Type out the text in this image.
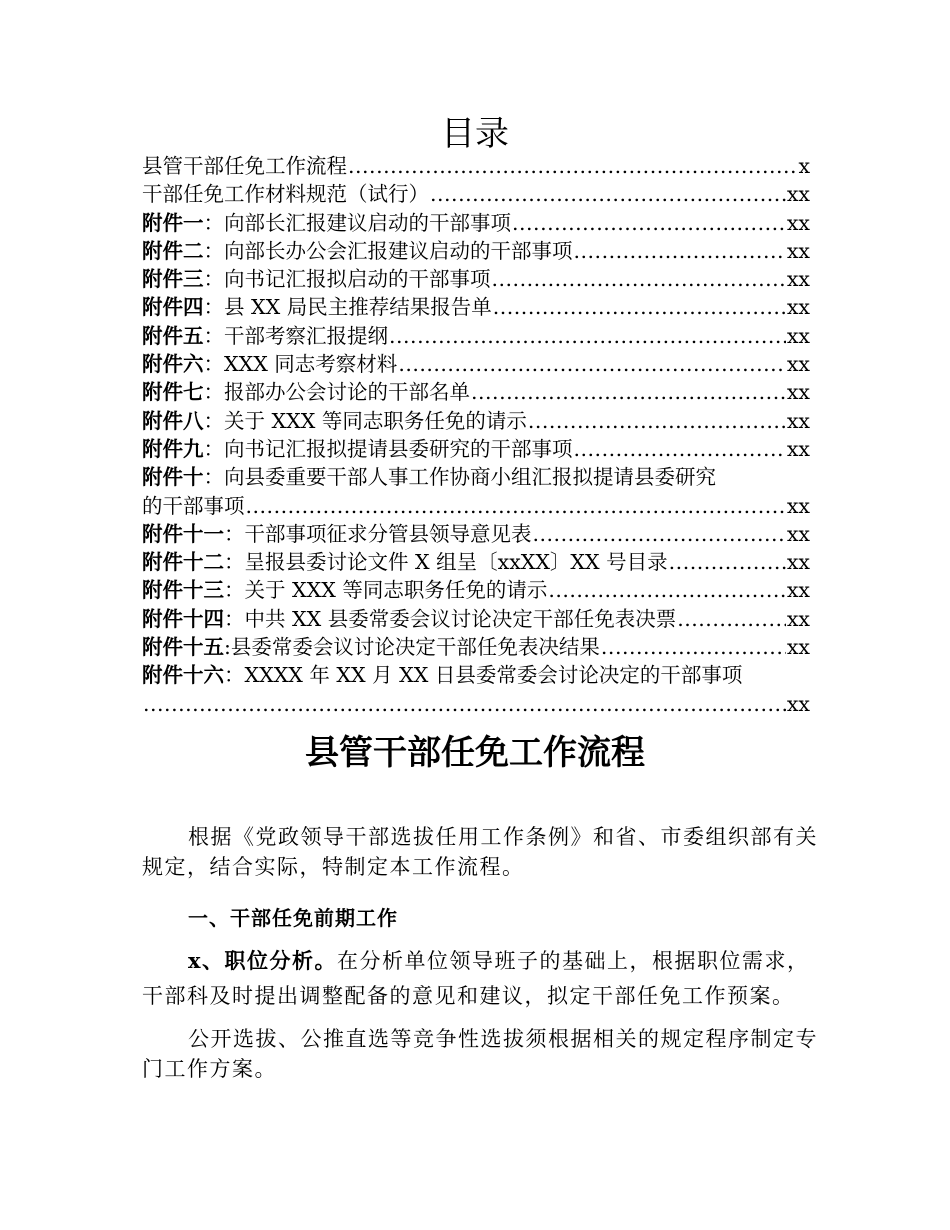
目录
县管干部任免工作流程 .....	x
干部任免工作材料规范（试行） .....	xx
附件一：向部长汇报建议启动的干部事项 .....	xx
附件二：向部长办公会汇报建议启动的干部事项 .....	xx
附件三：向书记汇报拟启动的干部事项 .....	xx
附件四：县 XX 局民主推荐结果报告单 .....	xx
附件五：干部考察汇报提纲 .....	xx
附件六：XXX 同志考察材料 .....	xx
附件七：报部办公会讨论的干部名单 .....	xx
附件八：关于 XXX 等同志职务任免的请示 .....	xx
附件九：向书记汇报拟提请县委研究的干部事项 .....	xx
附件十：向县委重要干部人事工作协商小组汇报拟提请县委研究
的干部事项 .....	xx
附件十一：干部事项征求分管县领导意见表 .....	xx
附件十二：呈报县委讨论文件 X 组呈〔xxXX〕XX 号目录 .....	xx
附件十三：关于 XXX 等同志职务任免的请示 .....	xx
附件十四：中共 XX 县委常委会议讨论决定干部任免表决票 .....	xx
附件十五:县委常委会议讨论决定干部任免表决结果 .....	xx
附件十六：XXXX 年 XX 月 XX 日县委常委会讨论决定的干部事项
.....
xx
县管干部任免工作流程
根据《党政领导干部选拔任用工作条例》和省、市委组织部有关规定，结合实际，特制定本工作流程。
一、干部任免前期工作
x、职位分析。在分析单位领导班子的基础上，根据职位需求，干部科及时提出调整配备的意见和建议，拟定干部任免工作预案。
公开选拔、公推直选等竞争性选拔须根据相关的规定程序制定专门工作方案。
